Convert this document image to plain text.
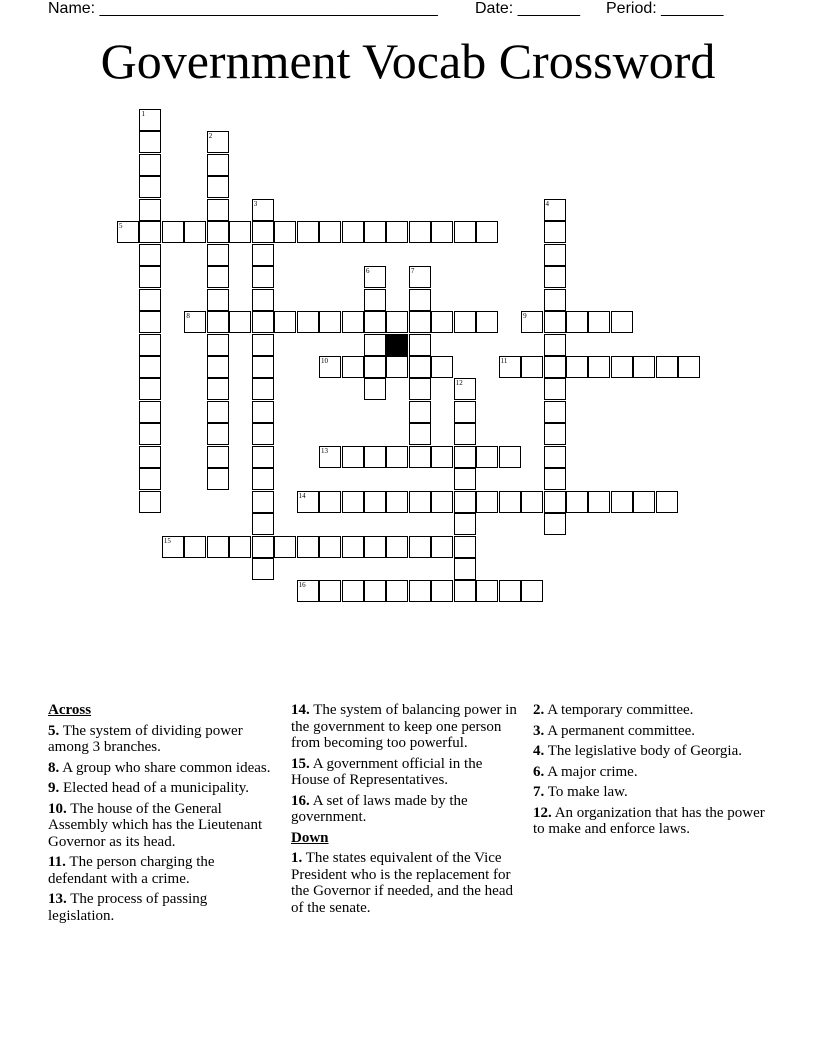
Name: ______________________________________ Date: _______ Period: _______
Government Vocab Crossword
1
2
3	4
5
6	7
8	9
10	11
12
13
14
15
16
Across
5. The system of dividing power among 3 branches.
8. A group who share common ideas.
9. Elected head of a municipality.
10. The house of the General Assembly which has the Lieutenant Governor as its head.
11. The person charging the defendant with a crime.
13. The process of passing legislation.
14. The system of balancing power in the government to keep one person from becoming too powerful.
15. A government official in the House of Representatives.
16. A set of laws made by the government.
Down
1. The states equivalent of the Vice President who is the replacement for the Governor if needed, and the head of the senate.
2. A temporary committee.
3. A permanent committee.
4. The legislative body of Georgia.
6. A major crime.
7. To make law.
12. An organization that has the power to make and enforce laws.
